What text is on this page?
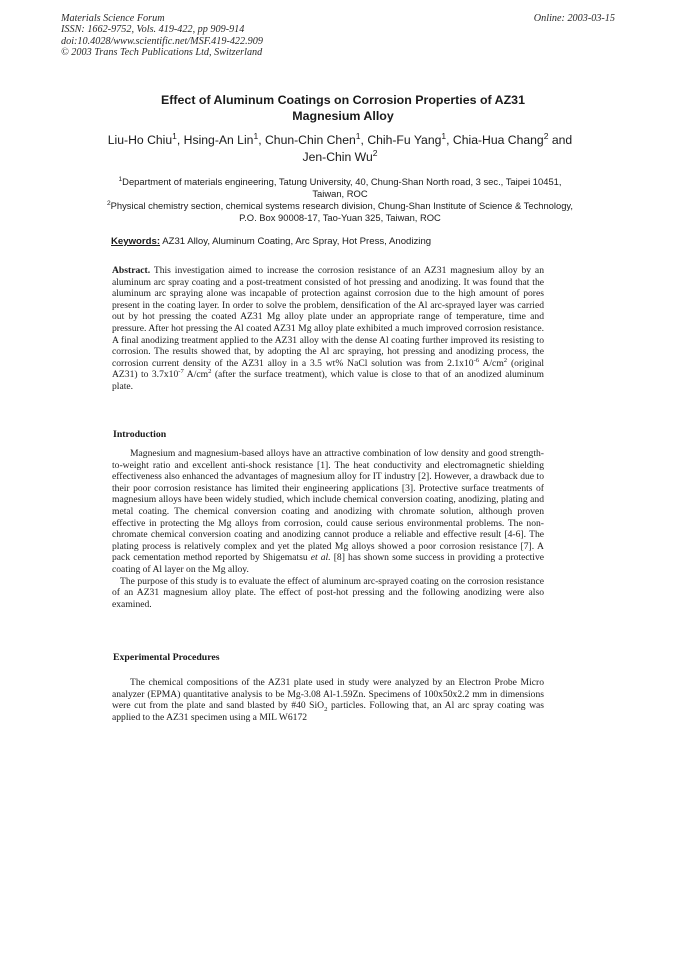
Materials Science Forum
ISSN: 1662-9752, Vols. 419-422, pp 909-914
doi:10.4028/www.scientific.net/MSF.419-422.909
© 2003 Trans Tech Publications Ltd, Switzerland
Online: 2003-03-15
Effect of Aluminum Coatings on Corrosion Properties of AZ31
Magnesium Alloy
Liu-Ho Chiu$^1$, Hsing-An Lin$^1$, Chun-Chin Chen$^1$, Chih-Fu Yang$^1$, Chia-Hua Chang$^2$ and Jen-Chin Wu$^2$

$^1$Department of materials engineering, Tatung University, 40, Chung-Shan North road, 3 sec., Taipei 10451, Taiwan, ROC

$^2$Physical chemistry section, chemical systems research division, Chung-Shan Institute of Science & Technology, P.O. Box 90008-17, Tao-Yuan 325, Taiwan, ROC

Keywords: AZ31 Alloy, Aluminum Coating, Arc Spray, Hot Press, Anodizing

Abstract. This investigation aimed to increase the corrosion resistance of an AZ31 magnesium alloy by an aluminum arc spray coating and a post-treatment consisted of hot pressing and anodizing. It was found that the aluminum arc spraying alone was incapable of protection against corrosion due to the high amount of pores present in the coating layer. In order to solve the problem, densification of the Al arc-sprayed layer was carried out by hot pressing the coated AZ31 Mg alloy plate under an appropriate range of temperature, time and pressure. After hot pressing the Al coated AZ31 Mg alloy plate exhibited a much improved corrosion resistance. A final anodizing treatment applied to the AZ31 alloy with the dense Al coating further improved its resisting to corrosion. The results showed that, by adopting the Al arc spraying, hot pressing and anodizing process, the corrosion current density of the AZ31 alloy in a 3.5 wt% NaCl solution was from $2.1x10^{-6}$ $A/cm^2$ (original AZ31) to $3.7x10^{-7}$ $A/cm^2$ (after the surface treatment), which value is close to that of an anodized aluminum plate.

Introduction

Magnesium and magnesium-based alloys have an attractive combination of low density and good strength-to-weight ratio and excellent anti-shock resistance [1]. The heat conductivity and electromagnetic shielding effectiveness also enhanced the advantages of magnesium alloy for IT industry [2]. However, a drawback due to their poor corrosion resistance has limited their engineering applications [3]. Protective surface treatments of magnesium alloys have been widely studied, which include chemical conversion coating, anodizing, plating and metal coating. The chemical conversion coating and anodizing with chromate solution, although proven effective in protecting the Mg alloys from corrosion, could cause serious environmental problems. The non-chromate chemical conversion coating and anodizing cannot produce a reliable and effective result [4-6]. The plating process is relatively complex and yet the plated Mg alloys showed a poor corrosion resistance [7]. A pack cementation method reported by Shigematsu et al. [8] has shown some success in providing a protective coating of Al layer on the Mg alloy.

The purpose of this study is to evaluate the effect of aluminum arc-sprayed coating on the corrosion resistance of an AZ31 magnesium alloy plate. The effect of post-hot pressing and the following anodizing were also examined.

Experimental Procedures

The chemical compositions of the AZ31 plate used in study were analyzed by an Electron Probe Micro analyzer (EPMA) quantitative analysis to be Mg-3.08 Al-1.59Zn. Specimens of 100x50x2.2 mm in dimensions were cut from the plate and sand blasted by #40 SiO$_2$ particles. Following that, an Al arc spray coating was applied to the AZ31 specimen using a MIL W6172
